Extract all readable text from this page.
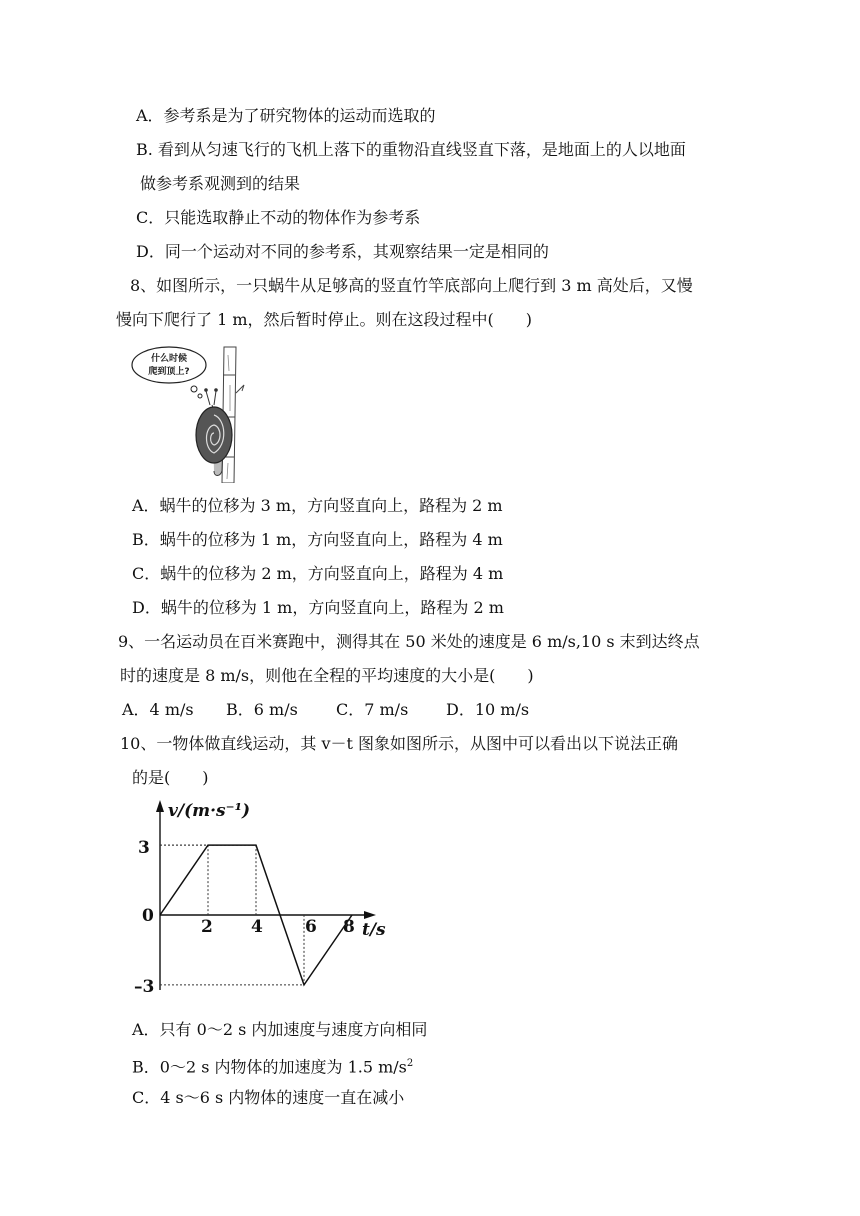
A．参考系是为了研究物体的运动而选取的
B. 看到从匀速飞行的飞机上落下的重物沿直线竖直下落，是地面上的人以地面
做参考系观测到的结果
C．只能选取静止不动的物体作为参考系
D．同一个运动对不同的参考系，其观察结果一定是相同的
8、如图所示，一只蜗牛从足够高的竖直竹竿底部向上爬行到 3 m 高处后，又慢
慢向下爬行了 1 m，然后暂时停止。则在这段过程中(　　)
什么时候
爬到顶上?
A．蜗牛的位移为 3 m，方向竖直向上，路程为 2 m
B．蜗牛的位移为 1 m，方向竖直向上，路程为 4 m
C．蜗牛的位移为 2 m，方向竖直向上，路程为 4 m
D．蜗牛的位移为 1 m，方向竖直向上，路程为 2 m
9、一名运动员在百米赛跑中，测得其在 50 米处的速度是 6 m/s,10 s 末到达终点
时的速度是 8 m/s，则他在全程的平均速度的大小是(　　)
A．4 m/s B．6 m/s C．7 m/s D．10 m/s
10、一物体做直线运动，其 v－t 图象如图所示，从图中可以看出以下说法正确
的是(　　)
v/(m·s⁻¹)
t/s
3
0
–3
2 4 6 8
A．只有 0～2 s 内加速度与速度方向相同
B．0～2 s 内物体的加速度为 1.5 $m/s^2$
C．4 s～6 s 内物体的速度一直在减小
